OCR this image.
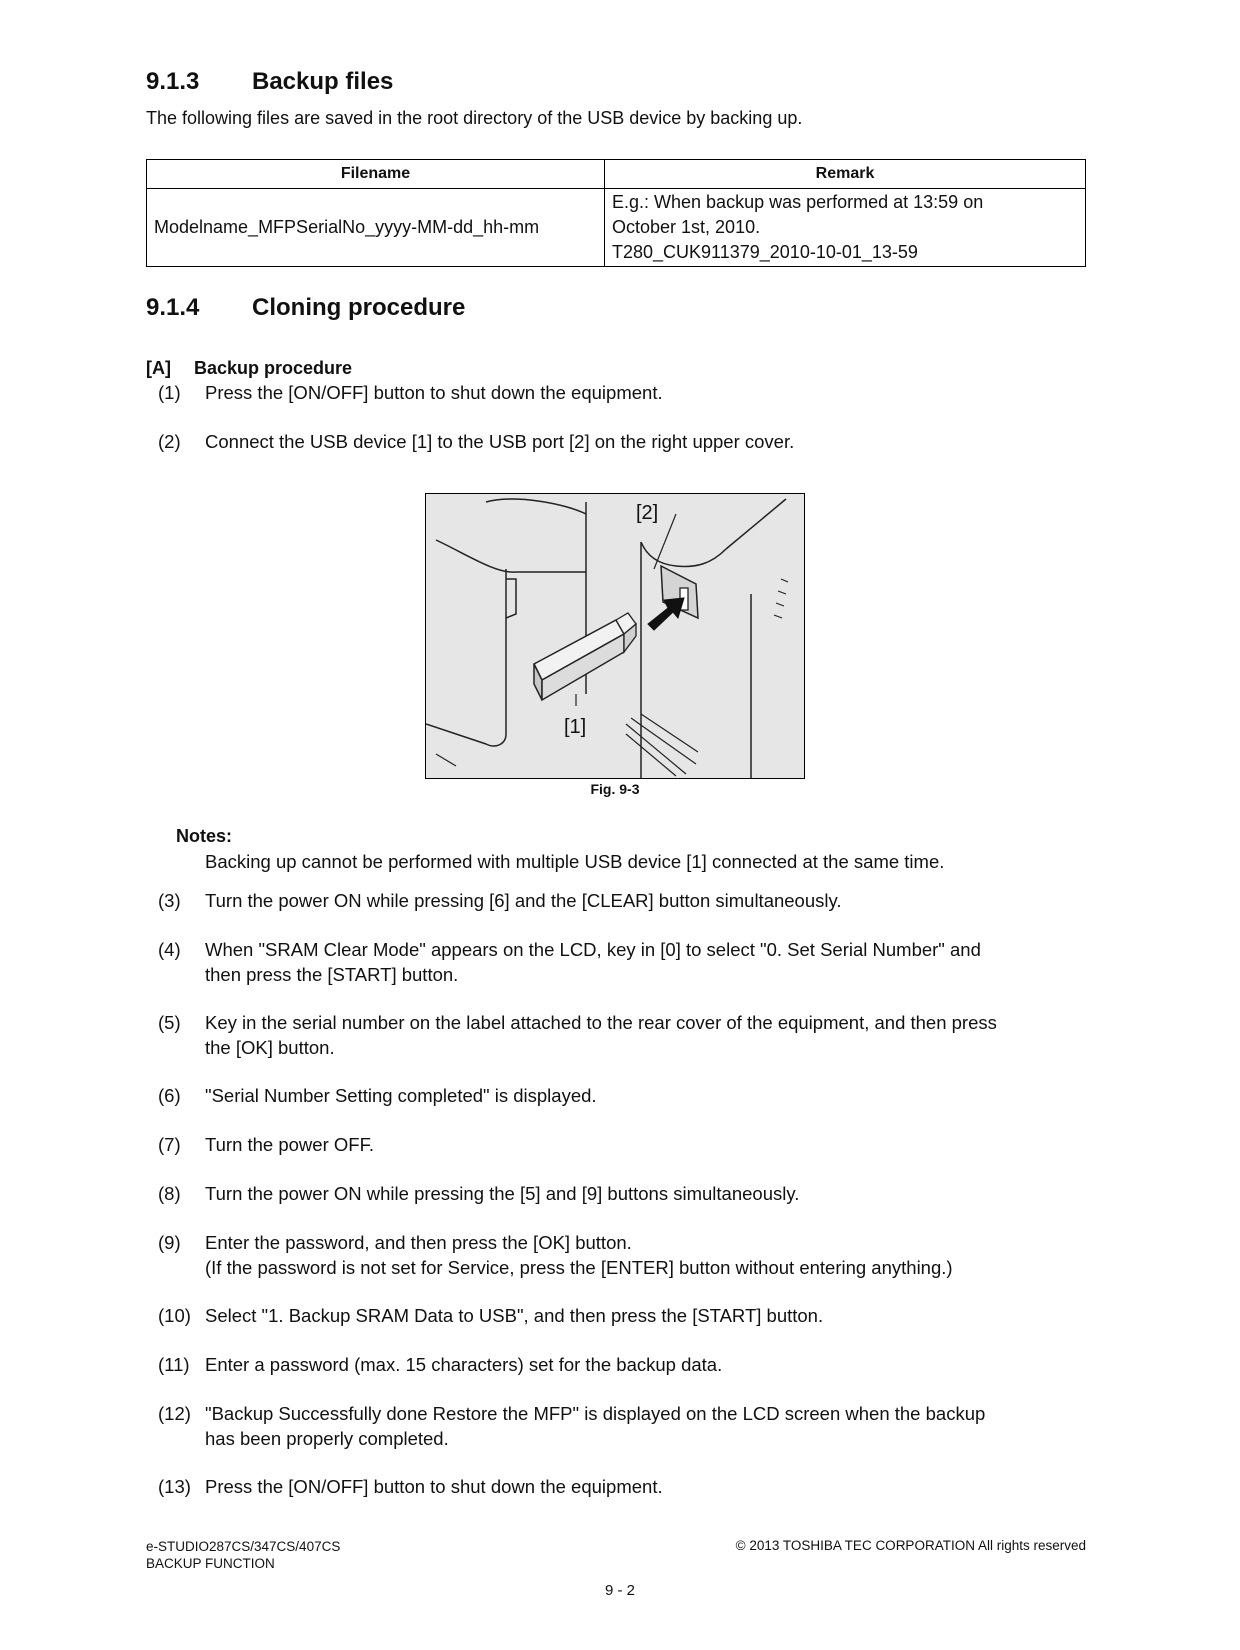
9.1.3 Backup files
The following files are saved in the root directory of the USB device by backing up.
Filename	Remark
Modelname_MFPSerialNo_yyyy-MM-dd_hh-mm	E.g.: When backup was performed at 13:59 on
October 1st, 2010.
T280_CUK911379_2010-10-01_13-59
9.1.4 Cloning procedure
[A] Backup procedure
(1) Press the [ON/OFF] button to shut down the equipment.
(2) Connect the USB device [1] to the USB port [2] on the right upper cover.
[2]
[1]
Fig. 9-3
Notes:
Backing up cannot be performed with multiple USB device [1] connected at the same time.
(3) Turn the power ON while pressing [6] and the [CLEAR] button simultaneously.
(4) When "SRAM Clear Mode" appears on the LCD, key in [0] to select "0. Set Serial Number" and
then press the [START] button.
(5) Key in the serial number on the label attached to the rear cover of the equipment, and then press
the [OK] button.
(6) "Serial Number Setting completed" is displayed.
(7) Turn the power OFF.
(8) Turn the power ON while pressing the [5] and [9] buttons simultaneously.
(9) Enter the password, and then press the [OK] button.
(If the password is not set for Service, press the [ENTER] button without entering anything.)
(10) Select "1. Backup SRAM Data to USB", and then press the [START] button.
(11) Enter a password (max. 15 characters) set for the backup data.
(12) "Backup Successfully done Restore the MFP" is displayed on the LCD screen when the backup
has been properly completed.
(13) Press the [ON/OFF] button to shut down the equipment.
e-STUDIO287CS/347CS/407CS
BACKUP FUNCTION
© 2013 TOSHIBA TEC CORPORATION All rights reserved
9 - 2
